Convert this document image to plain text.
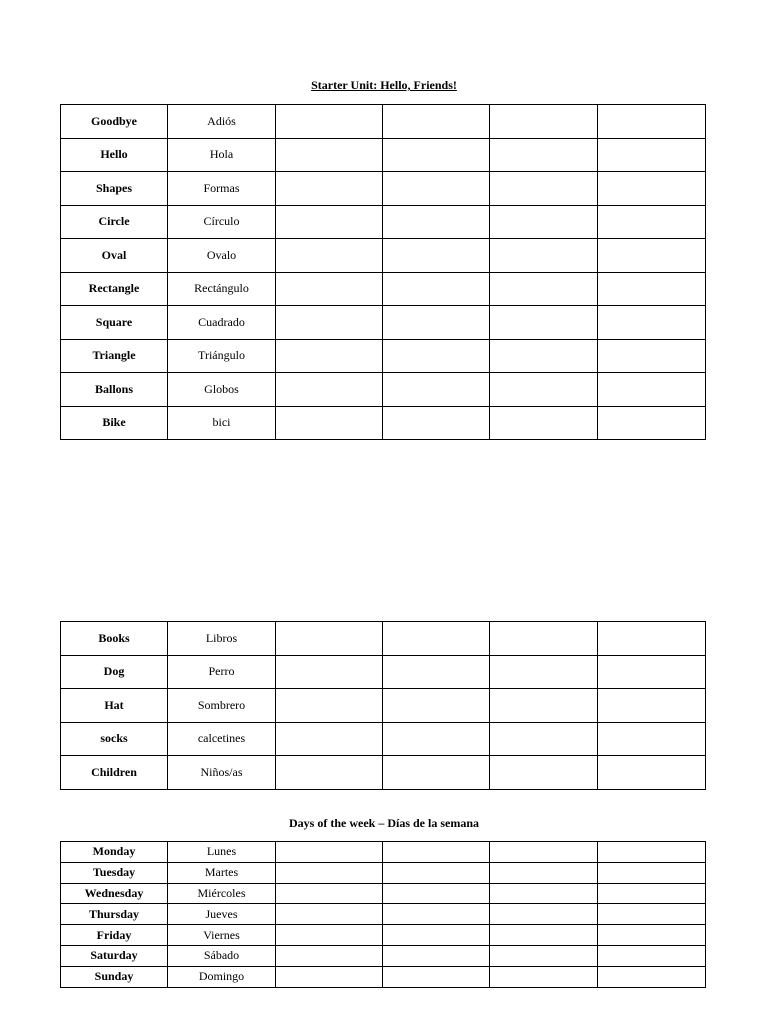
Starter Unit: Hello, Friends!
Goodbye	Adiós				
Hello	Hola				
Shapes	Formas				
Circle	Círculo				
Oval	Ovalo				
Rectangle	Rectángulo				
Square	Cuadrado				
Triangle	Triángulo				
Ballons	Globos				
Bike	bici				
Books	Libros				
Dog	Perro				
Hat	Sombrero				
socks	calcetines				
Children	Niños/as				
Days of the week – Días de la semana
Monday	Lunes				
Tuesday	Martes				
Wednesday	Miércoles				
Thursday	Jueves				
Friday	Viernes				
Saturday	Sábado				
Sunday	Domingo				
